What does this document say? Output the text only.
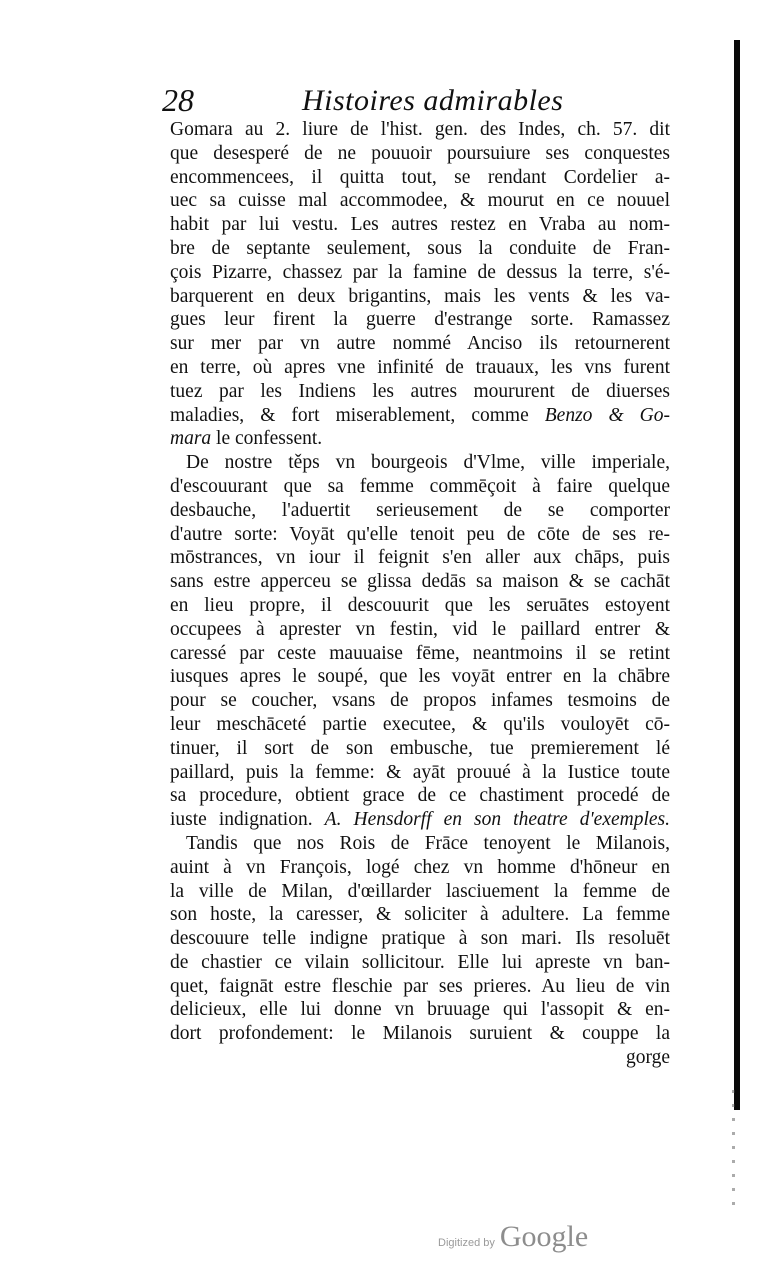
28	Histoires admirables
Gomara au 2. liure de l'hist. gen. des Indes, ch. 57. dit
que desesperé de ne pouuoir poursuiure ses conquestes
encommencees, il quitta tout, se rendant Cordelier a-
uec sa cuisse mal accommodee, & mourut en ce nouuel
habit par lui vestu. Les autres restez en Vraba au nom-
bre de septante seulement, sous la conduite de Fran-
çois Pizarre, chassez par la famine de dessus la terre, s'é-
barquerent en deux brigantins, mais les vents & les va-
gues leur firent la guerre d'estrange sorte. Ramassez
sur mer par vn autre nommé Anciso ils retournerent
en terre, où apres vne infinité de trauaux, les vns furent
tuez par les Indiens les autres moururent de diuerses
maladies, & fort miserablement, comme Benzo & Go-
mara le confessent.
De nostre těps vn bourgeois d'Vlme, ville imperiale,
d'escouurant que sa femme commēçoit à faire quelque
desbauche, l'aduertit serieusement de se comporter
d'autre sorte: Voyāt qu'elle tenoit peu de cōte de ses re-
mōstrances, vn iour il feignit s'en aller aux chāps, puis
sans estre apperceu se glissa dedās sa maison & se cachāt
en lieu propre, il descouurit que les seruātes estoyent
occupees à aprester vn festin, vid le paillard entrer &
caressé par ceste mauuaise fēme, neantmoins il se retint
iusques apres le soupé, que les voyāt entrer en la chābre
pour se coucher, vsans de propos infames tesmoins de
leur meschāceté partie executee, & qu'ils vouloyēt cō-
tinuer, il sort de son embusche, tue premierement lé
paillard, puis la femme: & ayāt prouué à la Iustice toute
sa procedure, obtient grace de ce chastiment procedé de
iuste indignation. A. Hensdorff en son theatre d'exemples.
Tandis que nos Rois de Frāce tenoyent le Milanois,
auint à vn François, logé chez vn homme d'hōneur en
la ville de Milan, d'œillarder lasciuement la femme de
son hoste, la caresser, & soliciter à adultere. La femme
descouure telle indigne pratique à son mari. Ils resoluēt
de chastier ce vilain sollicitour. Elle lui apreste vn ban-
quet, faignāt estre fleschie par ses prieres. Au lieu de vin
delicieux, elle lui donne vn bruuage qui l'assopit & en-
dort profondement: le Milanois suruient & couppe la
gorge
Digitized by Google
